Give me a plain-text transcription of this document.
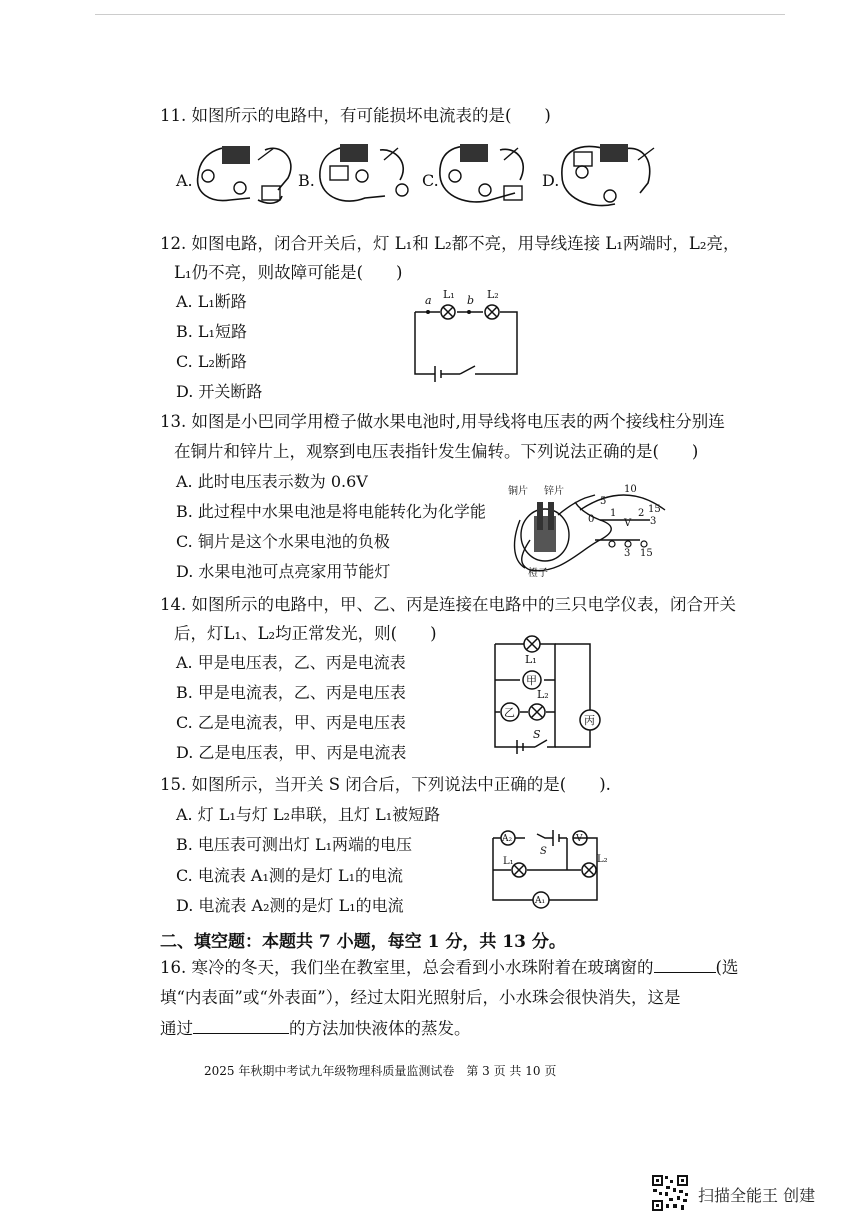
11. 如图所示的电路中，有可能损坏电流表的是(　　)
A.	B.	C.	D.
12. 如图电路，闭合开关后，灯 L₁和 L₂都不亮，用导线连接 L₁两端时，L₂亮，
L₁仍不亮，则故障可能是(　　)
A. L₁断路
B. L₁短路
C. L₂断路
D. 开关断路
a	b
L₁	L₂
13. 如图是小巴同学用橙子做水果电池时,用导线将电压表的两个接线柱分别连
在铜片和锌片上，观察到电压表指针发生偏转。下列说法正确的是(　　)
A. 此时电压表示数为 0.6V
B. 此过程中水果电池是将电能转化为化学能
C. 铜片是这个水果电池的负极
D. 水果电池可点亮家用节能灯
铜片 锌片
橙子
V
0
5
10
15
1 2
3
3 15
14. 如图所示的电路中，甲、乙、丙是连接在电路中的三只电学仪表，闭合开关
后，灯L₁、L₂均正常发光，则(　　)
A. 甲是电压表，乙、丙是电流表
B. 甲是电流表，乙、丙是电压表
C. 乙是电流表，甲、丙是电压表
D. 乙是电压表，甲、丙是电流表
L₁
L₂
甲
乙
丙
S
15. 如图所示，当开关 S 闭合后，下列说法中正确的是(　　).
A. 灯 L₁与灯 L₂串联，且灯 L₁被短路
B. 电压表可测出灯 L₁两端的电压
C. 电流表 A₁测的是灯 L₁的电流
D. 电流表 A₂测的是灯 L₁的电流
A₂
S
V
L₁	L₂
A₁
二、填空题：本题共 7 小题，每空 1 分，共 13 分。
16. 寒冷的冬天，我们坐在教室里，总会看到小水珠附着在玻璃窗的	(选
填“内表面”或“外表面”），经过太阳光照射后，小水珠会很快消失，这是
通过	的方法加快液体的蒸发。
2025 年秋期中考试九年级物理科质量监测试卷　第 3 页 共 10 页
扫描全能王 创建
